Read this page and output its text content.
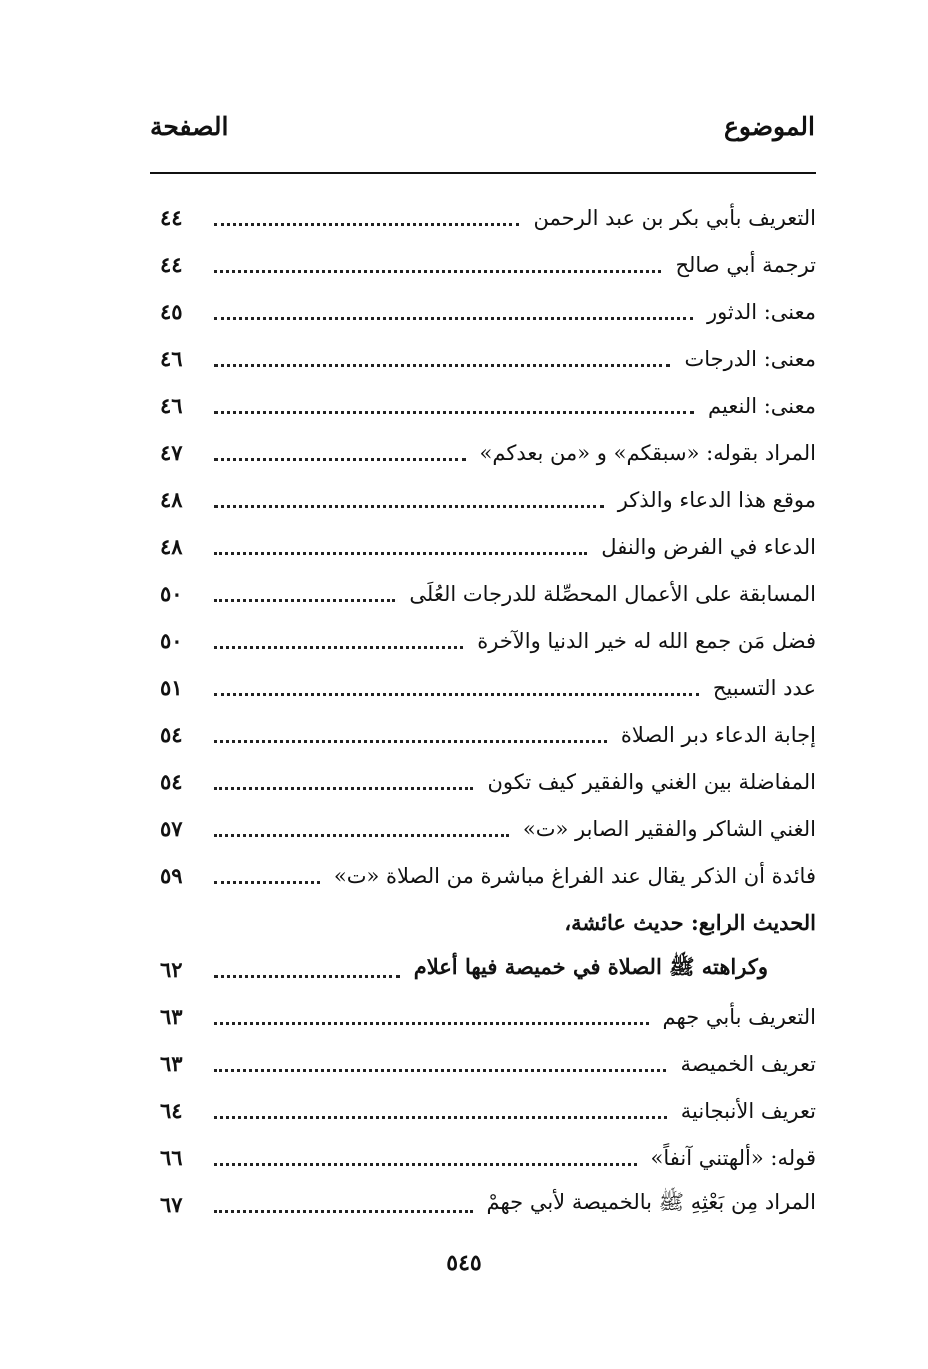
الموضوع
الصفحة
التعريف بأبي بكر بن عبد الرحمن
٤٤
ترجمة أبي صالح
٤٤
معنى: الدثور
٤٥
معنى: الدرجات
٤٦
معنى: النعيم
٤٦
المراد بقوله: «سبقكم» و «من بعدكم»
٤٧
موقع هذا الدعاء والذكر
٤٨
الدعاء في الفرض والنفل
٤٨
المسابقة على الأعمال المحصِّلة للدرجات العُلَى
٥٠
فضل مَن جمع الله له خير الدنيا والآخرة
٥٠
عدد التسبيح
٥١
إجابة الدعاء دبر الصلاة
٥٤
المفاضلة بين الغني والفقير كيف تكون
٥٤
الغني الشاكر والفقير الصابر «ت»
٥٧
فائدة أن الذكر يقال عند الفراغ مباشرة من الصلاة «ت»
٥٩
الحديث الرابع: حديث عائشة،
وكراهته ﷺ الصلاة في خميصة فيها أعلام
٦٢
التعريف بأبي جهم
٦٣
تعريف الخميصة
٦٣
تعريف الأنبجانية
٦٤
قوله: «ألهتني آنفاً»
٦٦
المراد مِن بَعْثِهِ ﷺ بالخميصة لأبي جهمْ
٦٧
٥٤٥
